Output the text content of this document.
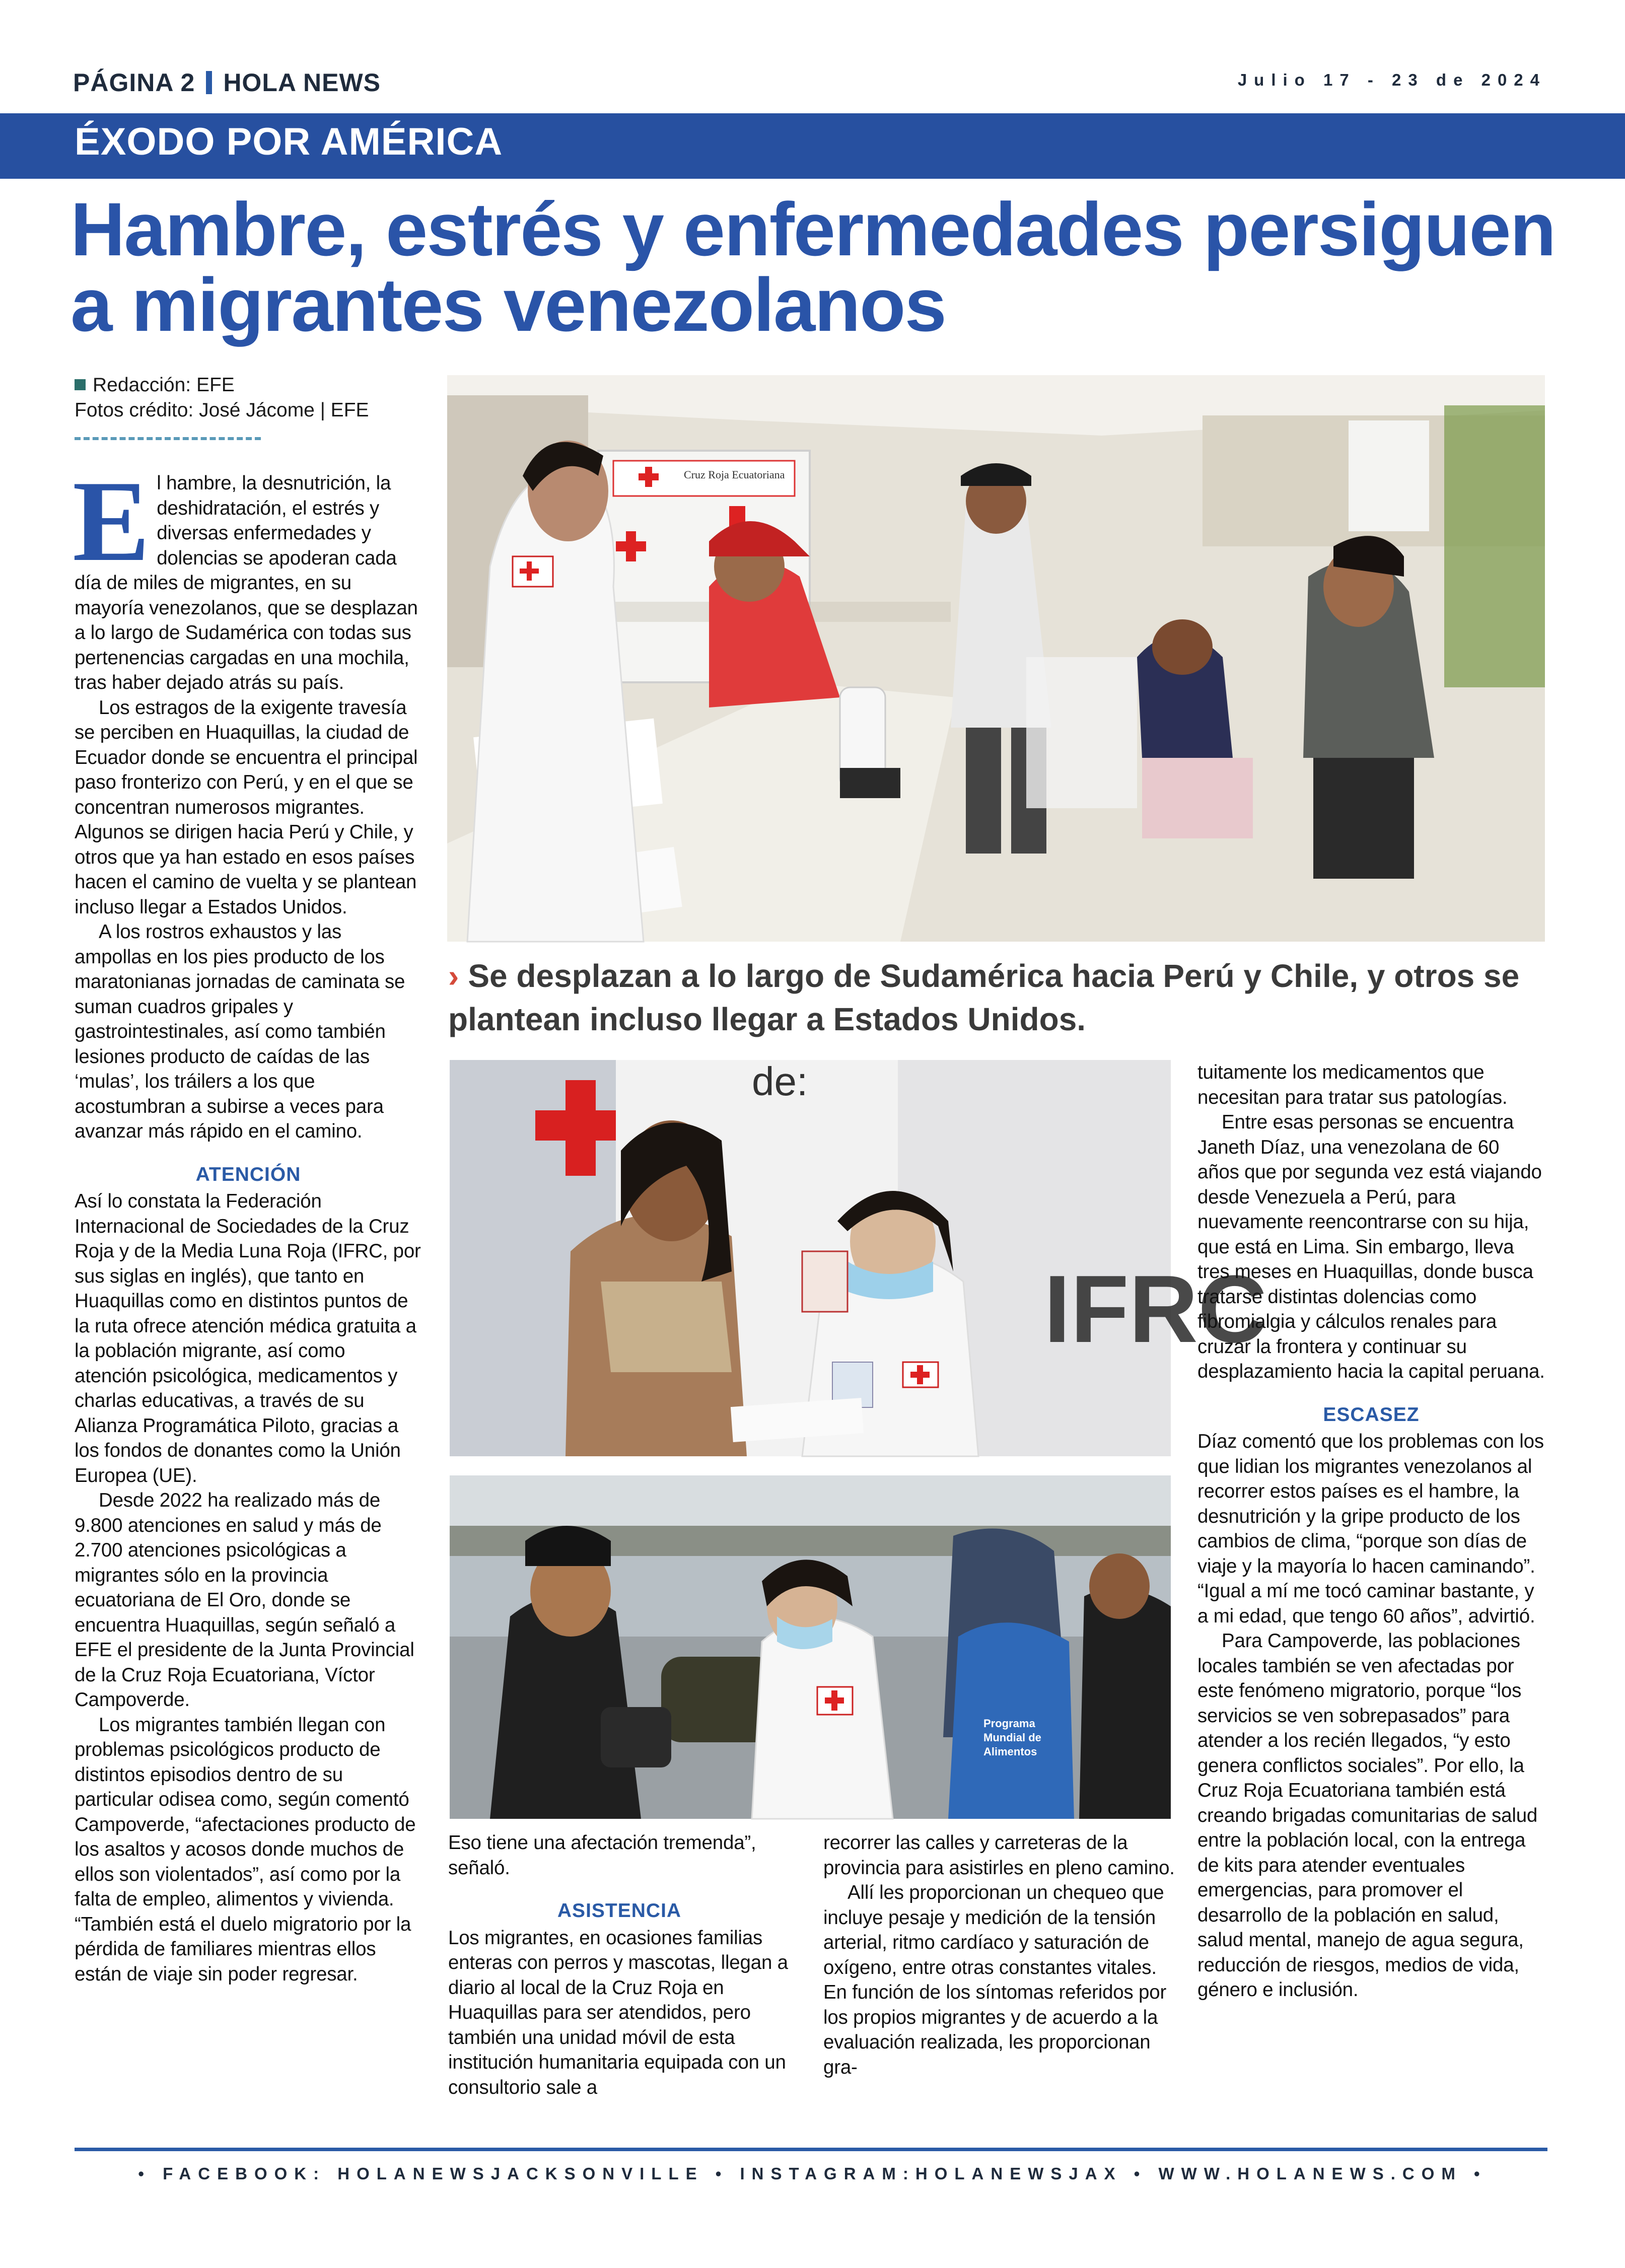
PÁGINA 2 HOLA NEWS	Julio 17 - 23 de 2024
ÉXODO POR AMÉRICA
Hambre, estrés y enfermedades persiguen a migrantes venezolanos
Redacción: EFE
Fotos crédito: José Jácome | EFE
Cruz Roja Ecuatoriana
› Se desplazan a lo largo de Sudamérica hacia Perú y Chile, y otros se plantean incluso llegar a Estados Unidos.
de:
IFRC
Programa
Mundial de
Alimentos
E l hambre, la desnutrición, la deshidratación, el estrés y diversas enfermedades y dolencias se apoderan cada día de miles de migrantes, en su mayoría venezolanos, que se desplazan a lo largo de Sudamérica con todas sus pertenencias cargadas en una mochila, tras haber dejado atrás su país.

Los estragos de la exigente travesía se perciben en Huaquillas, la ciudad de Ecuador donde se encuentra el principal paso fronterizo con Perú, y en el que se concentran numerosos migrantes. Algunos se dirigen hacia Perú y Chile, y otros que ya han estado en esos países hacen el camino de vuelta y se plantean incluso llegar a Estados Unidos.

A los rostros exhaustos y las ampollas en los pies producto de los maratonianas jornadas de caminata se suman cuadros gripales y gastrointestinales, así como también lesiones producto de caídas de las ‘mulas’, los tráilers a los que acostumbran a subirse a veces para avanzar más rápido en el camino.

ATENCIÓN

Así lo constata la Federación Internacional de Sociedades de la Cruz Roja y de la Media Luna Roja (IFRC, por sus siglas en inglés), que tanto en Huaquillas como en distintos puntos de la ruta ofrece atención médica gratuita a la población migrante, así como atención psicológica, medicamentos y charlas educativas, a través de su Alianza Programática Piloto, gracias a los fondos de donantes como la Unión Europea (UE).

Desde 2022 ha realizado más de 9.800 atenciones en salud y más de 2.700 atenciones psicológicas a migrantes sólo en la provincia ecuatoriana de El Oro, donde se encuentra Huaquillas, según señaló a EFE el presidente de la Junta Provincial de la Cruz Roja Ecuatoriana, Víctor Campoverde.

Los migrantes también llegan con problemas psicológicos producto de distintos episodios dentro de su particular odisea como, según comentó Campoverde, “afectaciones producto de los asaltos y acosos donde muchos de ellos son violentados”, así como por la falta de empleo, alimentos y vivienda. “También está el duelo migratorio por la pérdida de familiares mientras ellos están de viaje sin poder regresar.

Eso tiene una afectación tremenda”, señaló.

ASISTENCIA

Los migrantes, en ocasiones familias enteras con perros y mascotas, llegan a diario al local de la Cruz Roja en Huaquillas para ser atendidos, pero también una unidad móvil de esta institución humanitaria equipada con un consultorio sale a

recorrer las calles y carreteras de la provincia para asistirles en pleno camino.

Allí les proporcionan un chequeo que incluye pesaje y medición de la tensión arterial, ritmo cardíaco y saturación de oxígeno, entre otras constantes vitales. En función de los síntomas referidos por los propios migrantes y de acuerdo a la evaluación realizada, les proporcionan gra-

tuitamente los medicamentos que necesitan para tratar sus patologías.

Entre esas personas se encuentra Janeth Díaz, una venezolana de 60 años que por segunda vez está viajando desde Venezuela a Perú, para nuevamente reencontrarse con su hija, que está en Lima. Sin embargo, lleva tres meses en Huaquillas, donde busca tratarse distintas dolencias como fibromialgia y cálculos renales para cruzar la frontera y continuar su desplazamiento hacia la capital peruana.

ESCASEZ

Díaz comentó que los problemas con los que lidian los migrantes venezolanos al recorrer estos países es el hambre, la desnutrición y la gripe producto de los cambios de clima, “porque son días de viaje y la mayoría lo hacen caminando”. “Igual a mí me tocó caminar bastante, y a mi edad, que tengo 60 años”, advirtió.

Para Campoverde, las poblaciones locales también se ven afectadas por este fenómeno migratorio, porque “los servicios se ven sobrepasados” para atender a los recién llegados, “y esto genera conflictos sociales”. Por ello, la Cruz Roja Ecuatoriana también está creando brigadas comunitarias de salud entre la población local, con la entrega de kits para atender eventuales emergencias, para promover el desarrollo de la población en salud, salud mental, manejo de agua segura, reducción de riesgos, medios de vida, género e inclusión.

• FACEBOOK: HOLANEWSJACKSONVILLE • INSTAGRAM:HOLANEWSJAX • WWW.HOLANEWS.COM •
